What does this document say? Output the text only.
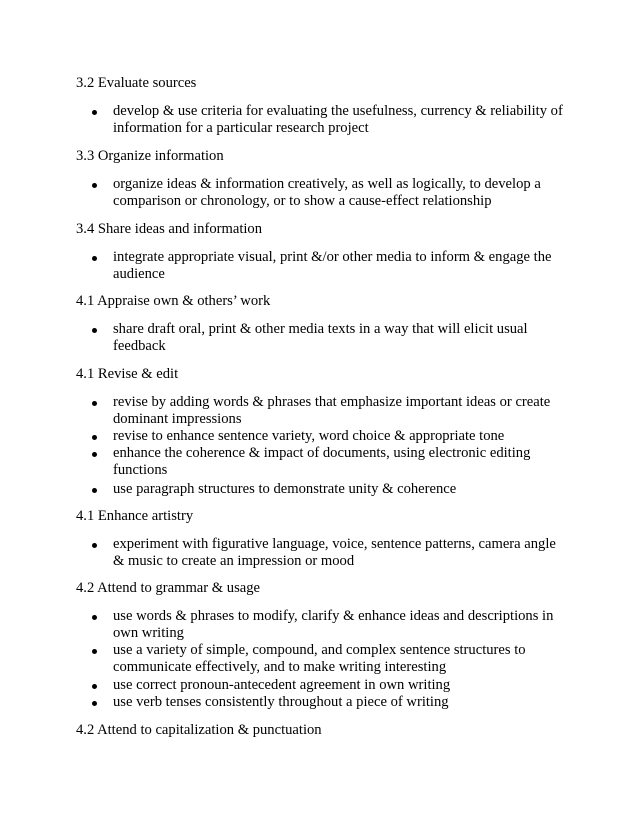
3.2 Evaluate sources
develop & use criteria for evaluating the usefulness, currency & reliability of
information for a particular research project
3.3 Organize information
organize ideas & information creatively, as well as logically, to develop a
comparison or chronology, or to show a cause-effect relationship
3.4 Share ideas and information
integrate appropriate visual, print &/or other media to inform & engage the
audience
4.1 Appraise own & others’ work
share draft oral, print & other media texts in a way that will elicit usual
feedback
4.1 Revise & edit
revise by adding words & phrases that emphasize important ideas or create
dominant impressions
revise to enhance sentence variety, word choice & appropriate tone
enhance the coherence & impact of documents, using electronic editing
functions
use paragraph structures to demonstrate unity & coherence
4.1 Enhance artistry
experiment with figurative language, voice, sentence patterns, camera angle
& music to create an impression or mood
4.2 Attend to grammar & usage
use words & phrases to modify, clarify & enhance ideas and descriptions in
own writing
use a variety of simple, compound, and complex sentence structures to
communicate effectively, and to make writing interesting
use correct pronoun-antecedent agreement in own writing
use verb tenses consistently throughout a piece of writing
4.2 Attend to capitalization & punctuation
